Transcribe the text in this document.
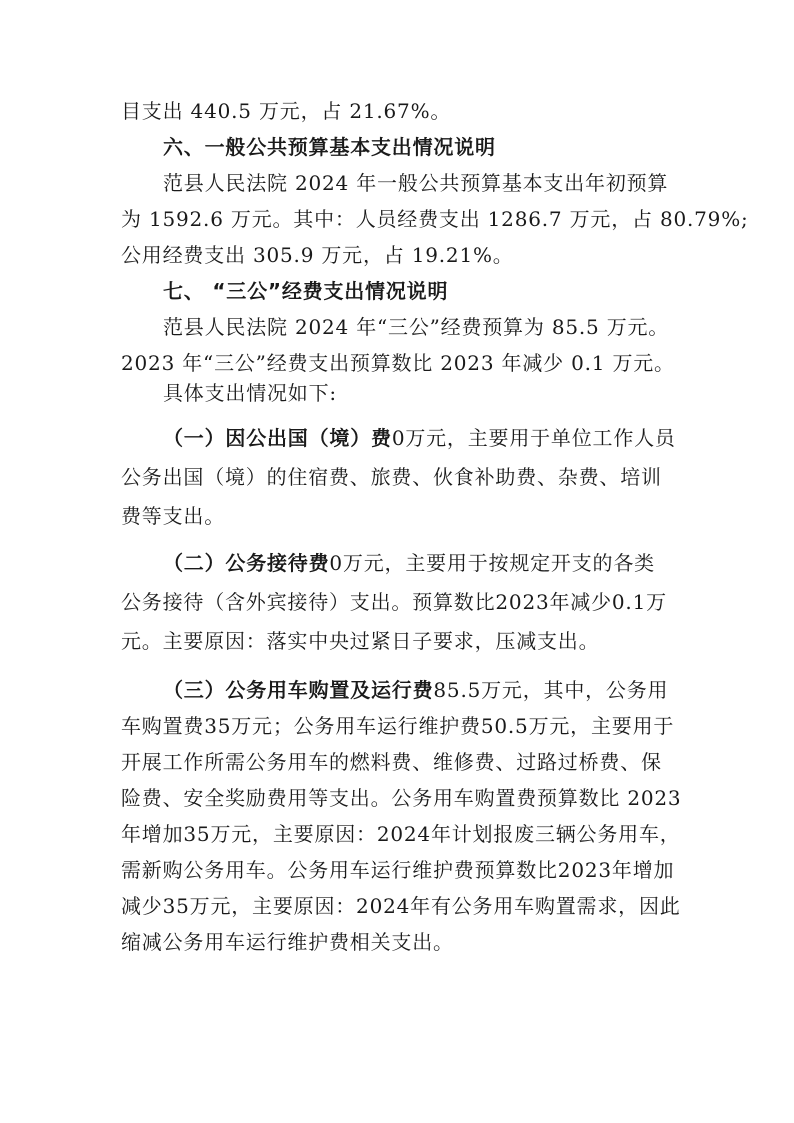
目支出 440.5 万元，占 21.67%。

六、一般公共预算基本支出情况说明

范县人民法院 2024 年一般公共预算基本支出年初预算

为 1592.6 万元。其中：人员经费支出 1286.7 万元，占 80.79%;

公用经费支出 305.9 万元，占 19.21%。

七、 “三公”经费支出情况说明

范县人民法院 2024 年“三公”经费预算为 85.5 万元。

2023 年“三公”经费支出预算数比 2023 年减少 0.1 万元。

具体支出情况如下:

（一）因公出国（境）费0万元，主要用于单位工作人员

公务出国（境）的住宿费、旅费、伙食补助费、杂费、培训

费等支出。

（二）公务接待费0万元，主要用于按规定开支的各类

公务接待（含外宾接待）支出。预算数比2023年减少0.1万

元。主要原因：落实中央过紧日子要求，压减支出。

（三）公务用车购置及运行费85.5万元，其中，公务用

车购置费35万元；公务用车运行维护费50.5万元，主要用于

开展工作所需公务用车的燃料费、维修费、过路过桥费、保

险费、安全奖励费用等支出。公务用车购置费预算数比 2023

年增加35万元，主要原因：2024年计划报废三辆公务用车，

需新购公务用车。公务用车运行维护费预算数比2023年增加

减少35万元，主要原因：2024年有公务用车购置需求，因此

缩减公务用车运行维护费相关支出。
